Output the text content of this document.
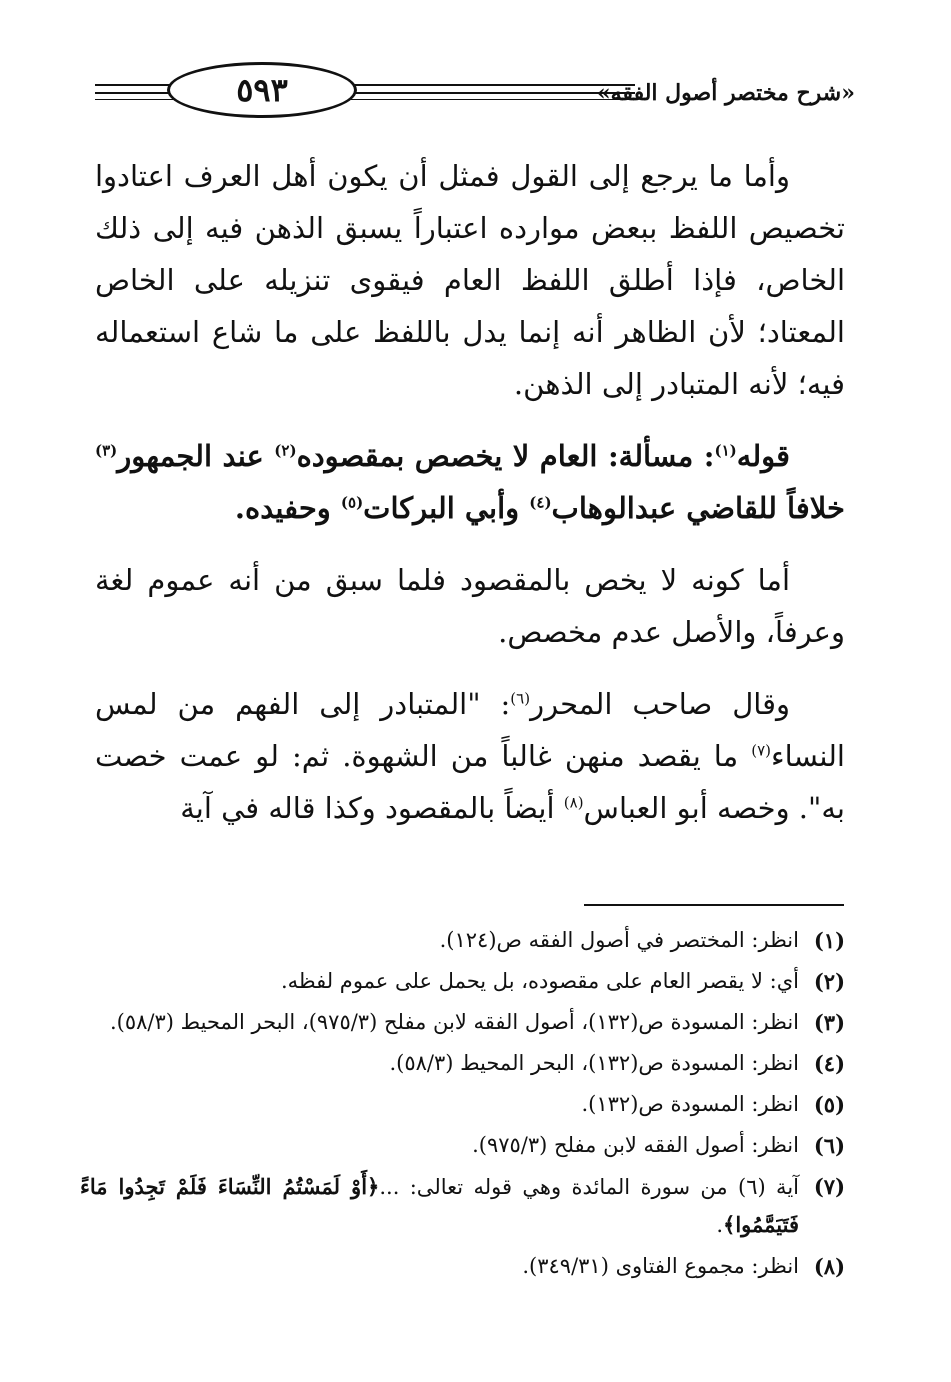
٥٩٣	«شرح مختصر أصول الفقه»

وأما ما يرجع إلى القول فمثل أن يكون أهل العرف اعتادوا تخصيص اللفظ ببعض موارده اعتباراً يسبق الذهن فيه إلى ذلك الخاص، فإذا أطلق اللفظ العام فيقوى تنزيله على الخاص المعتاد؛ لأن الظاهر أنه إنما يدل باللفظ على ما شاع استعماله فيه؛ لأنه المتبادر إلى الذهن.

قوله$^{(١)}$: مسألة: العام لا يخصص بمقصوده$^{(٢)}$ عند الجمهور$^{(٣)}$ خلافاً للقاضي عبدالوهاب$^{(٤)}$ وأبي البركات$^{(٥)}$ وحفيده.

أما كونه لا يخص بالمقصود فلما سبق من أنه عموم لغة وعرفاً، والأصل عدم مخصص.

وقال صاحب المحرر$^{(٦)}$: "المتبادر إلى الفهم من لمس النساء$^{(٧)}$ ما يقصد منهن غالباً من الشهوة. ثم: لو عمت خصت به". وخصه أبو العباس$^{(٨)}$ أيضاً بالمقصود وكذا قاله في آية

(١)
انظر: المختصر في أصول الفقه ص(١٢٤).
(٢)
أي: لا يقصر العام على مقصوده، بل يحمل على عموم لفظه.
(٣)
انظر: المسودة ص(١٣٢)، أصول الفقه لابن مفلح (٩٧٥/٣)، البحر المحيط (٥٨/٣).
(٤)
انظر: المسودة ص(١٣٢)، البحر المحيط (٥٨/٣).
(٥)
انظر: المسودة ص(١٣٢).
(٦)
انظر: أصول الفقه لابن مفلح (٩٧٥/٣).
(٧)
آية (٦) من سورة المائدة وهي قوله تعالى: ...﴿أَوْ لَمَسْتُمُ النِّسَاءَ فَلَمْ تَجِدُوا مَاءً فَتَيَمَّمُوا﴾.
(٨)
انظر: مجموع الفتاوى (٣٤٩/٣١).
